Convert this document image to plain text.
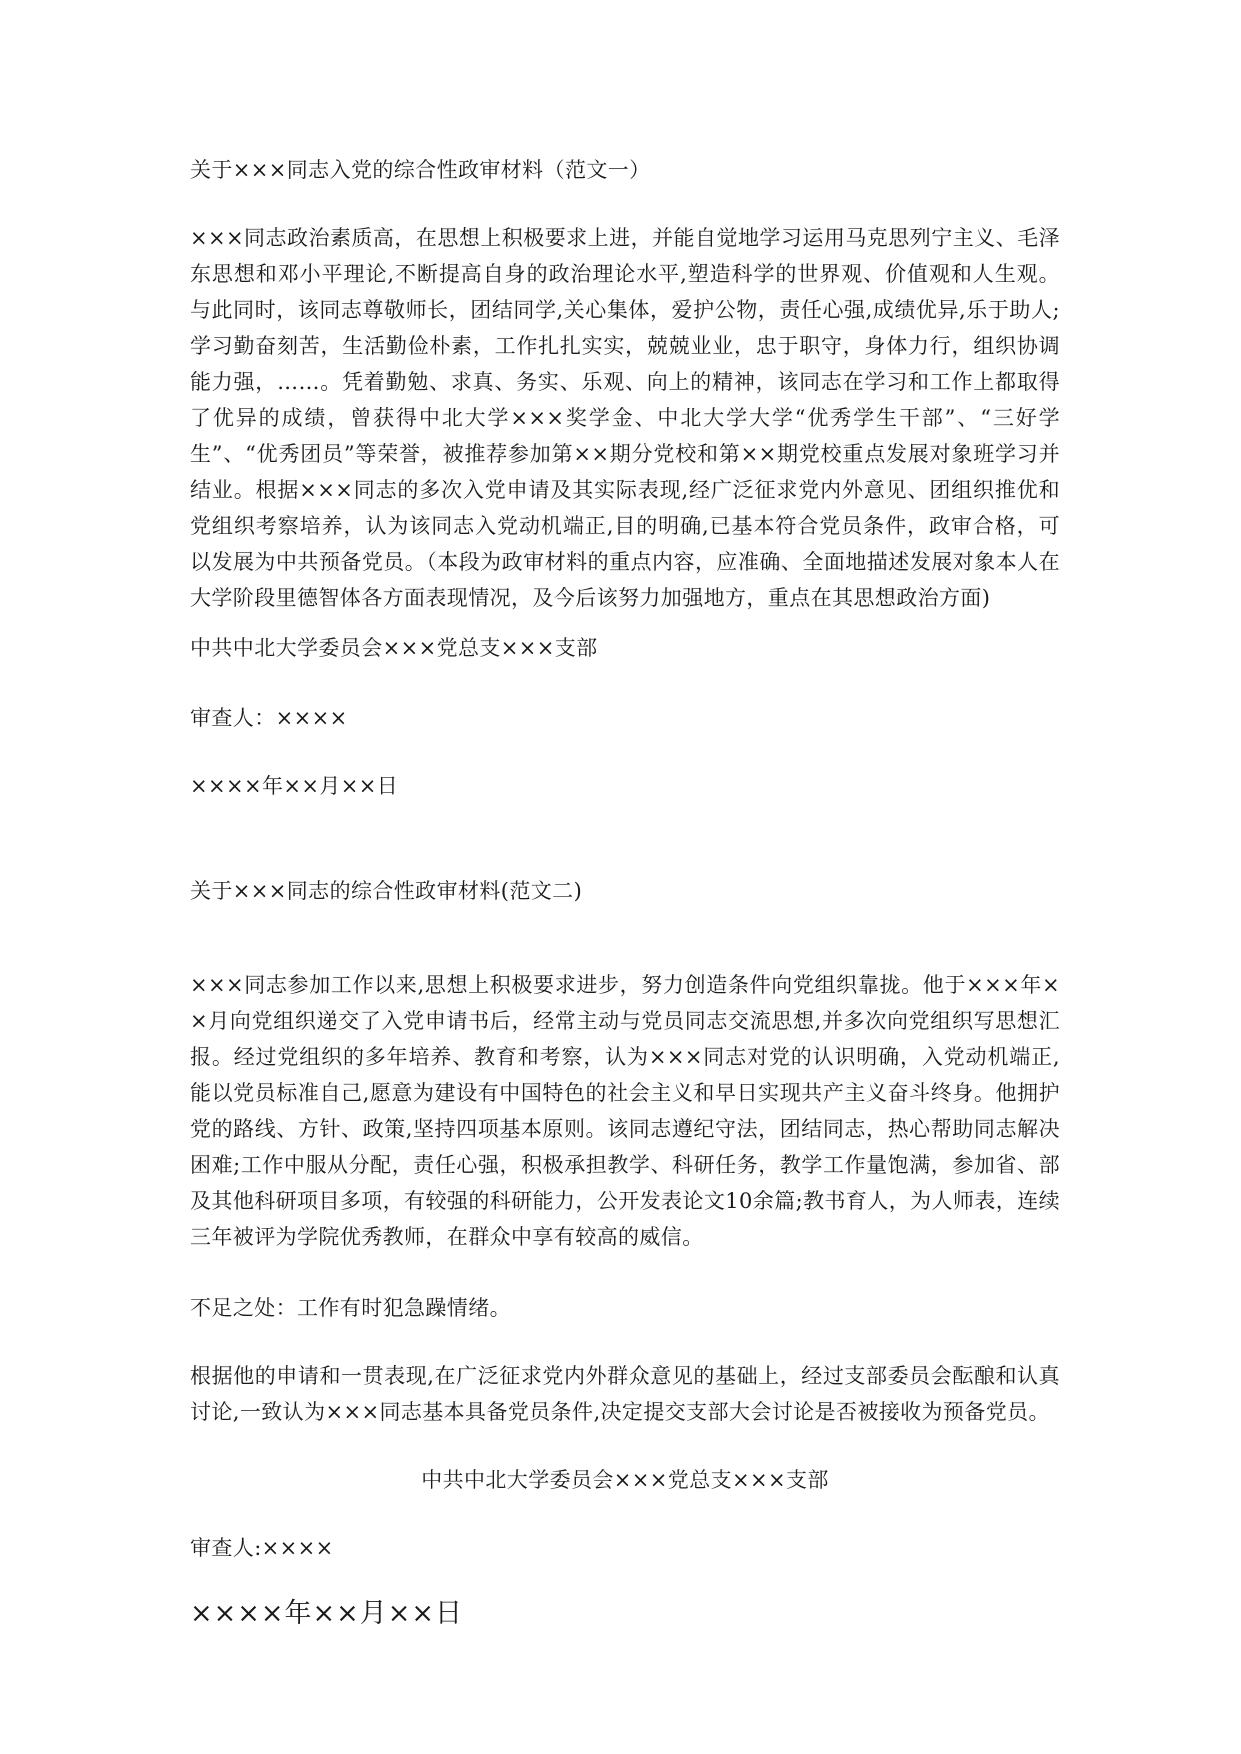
关于×××同志入党的综合性政审材料（范文一）

×××同志政治素质高，在思想上积极要求上进，并能自觉地学习运用马克思列宁主义、毛泽东思想和邓小平理论,不断提高自身的政治理论水平,塑造科学的世界观、价值观和人生观。与此同时，该同志尊敬师长，团结同学,关心集体，爱护公物，责任心强,成绩优异,乐于助人;学习勤奋刻苦，生活勤俭朴素，工作扎扎实实，兢兢业业，忠于职守，身体力行，组织协调能力强，……。凭着勤勉、求真、务实、乐观、向上的精神，该同志在学习和工作上都取得了优异的成绩，曾获得中北大学×××奖学金、中北大学大学“优秀学生干部”、“三好学生”、“优秀团员”等荣誉，被推荐参加第××期分党校和第××期党校重点发展对象班学习并结业。根据×××同志的多次入党申请及其实际表现,经广泛征求党内外意见、团组织推优和党组织考察培养，认为该同志入党动机端正,目的明确,已基本符合党员条件，政审合格，可以发展为中共预备党员。（本段为政审材料的重点内容，应准确、全面地描述发展对象本人在大学阶段里德智体各方面表现情况，及今后该努力加强地方，重点在其思想政治方面)

中共中北大学委员会×××党总支×××支部

审查人：××××

××××年××月××日

关于×××同志的综合性政审材料(范文二)

×××同志参加工作以来,思想上积极要求进步，努力创造条件向党组织靠拢。他于×××年××月向党组织递交了入党申请书后，经常主动与党员同志交流思想,并多次向党组织写思想汇报。经过党组织的多年培养、教育和考察，认为×××同志对党的认识明确，入党动机端正,能以党员标准自己,愿意为建设有中国特色的社会主义和早日实现共产主义奋斗终身。他拥护党的路线、方针、政策,坚持四项基本原则。该同志遵纪守法，团结同志，热心帮助同志解决困难;工作中服从分配，责任心强，积极承担教学、科研任务，教学工作量饱满，参加省、部及其他科研项目多项，有较强的科研能力，公开发表论文10余篇;教书育人，为人师表，连续三年被评为学院优秀教师，在群众中享有较高的威信。

不足之处：工作有时犯急躁情绪。

根据他的申请和一贯表现,在广泛征求党内外群众意见的基础上，经过支部委员会酝酿和认真讨论,一致认为×××同志基本具备党员条件,决定提交支部大会讨论是否被接收为预备党员。

中共中北大学委员会×××党总支×××支部

审查人:××××

××××年××月××日
